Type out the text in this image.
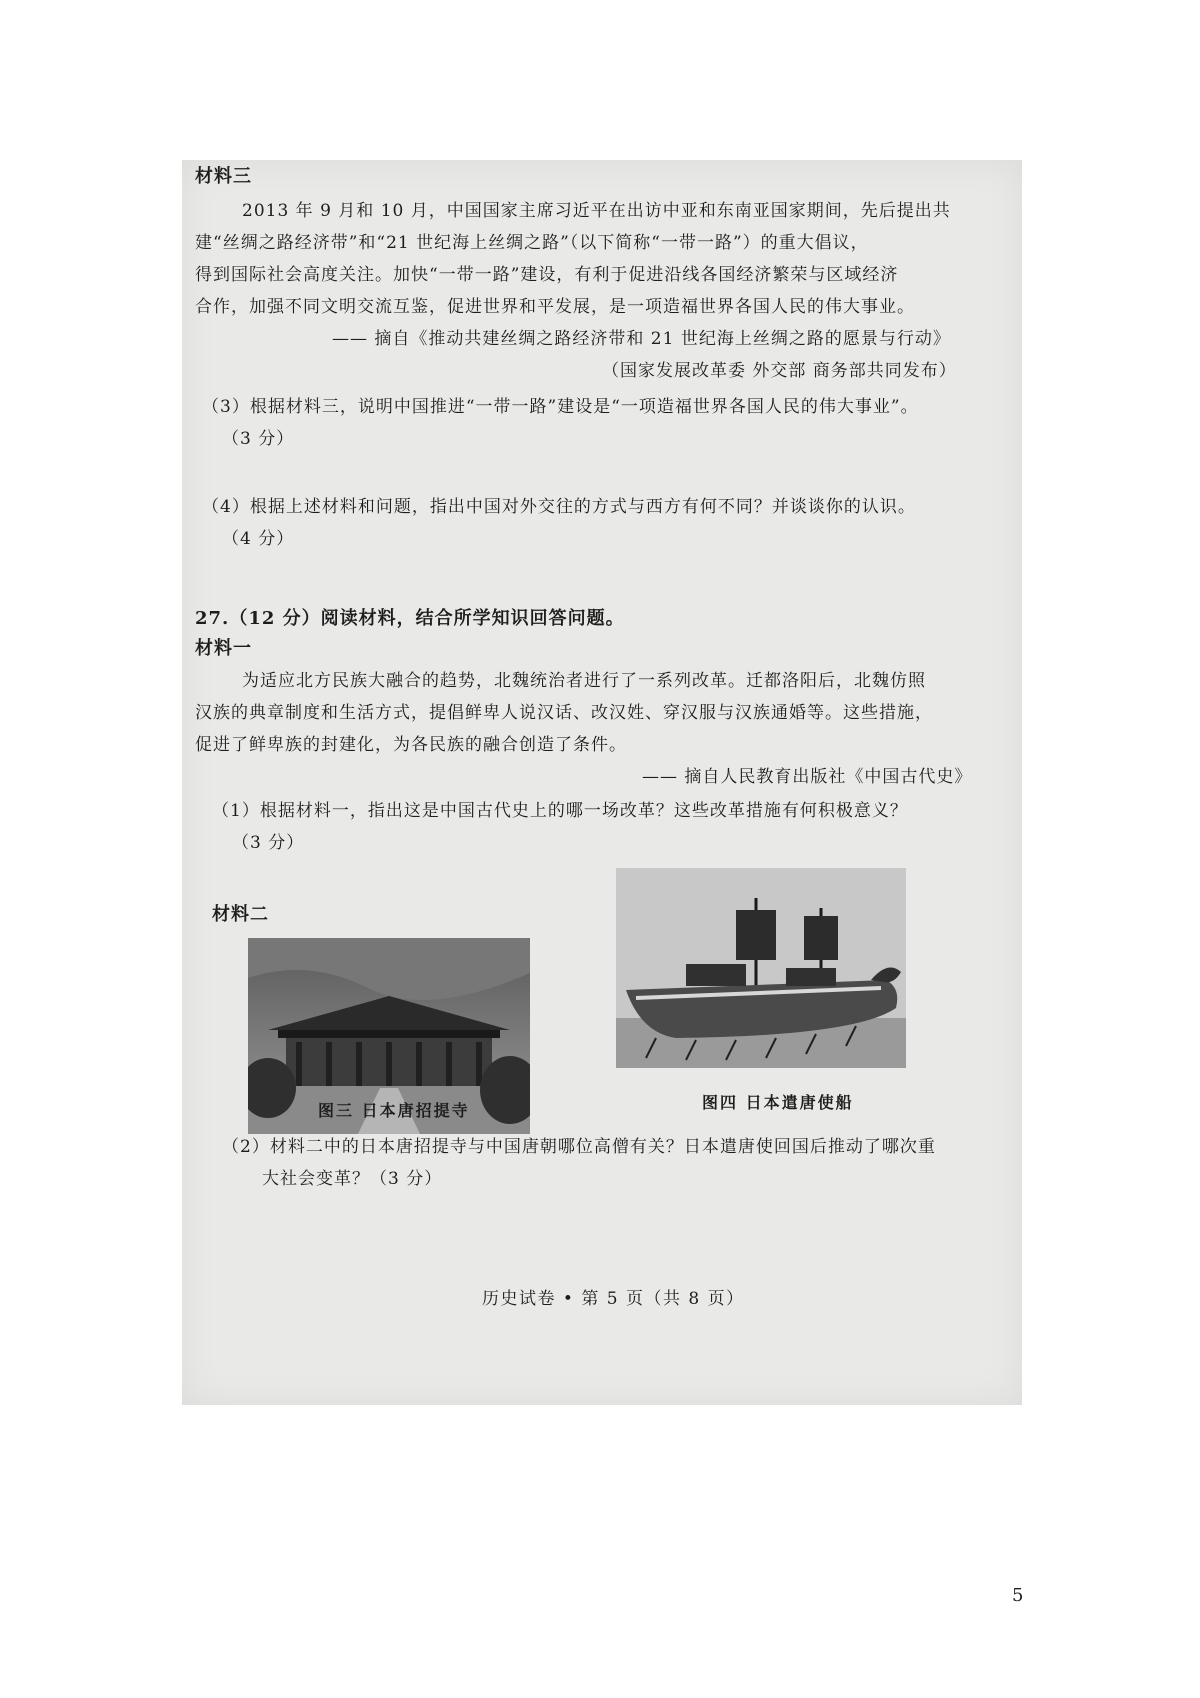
材料三
2013 年 9 月和 10 月，中国国家主席习近平在出访中亚和东南亚国家期间，先后提出共
建“丝绸之路经济带”和“21 世纪海上丝绸之路”（以下简称“一带一路”）的重大倡议，
得到国际社会高度关注。加快“一带一路”建设，有利于促进沿线各国经济繁荣与区域经济
合作，加强不同文明交流互鉴，促进世界和平发展，是一项造福世界各国人民的伟大事业。
—— 摘自《推动共建丝绸之路经济带和 21 世纪海上丝绸之路的愿景与行动》
（国家发展改革委 外交部 商务部共同发布）
（3）根据材料三，说明中国推进“一带一路”建设是“一项造福世界各国人民的伟大事业”。
（3 分）
（4）根据上述材料和问题，指出中国对外交往的方式与西方有何不同？并谈谈你的认识。
（4 分）
27.（12 分）阅读材料，结合所学知识回答问题。
材料一
为适应北方民族大融合的趋势，北魏统治者进行了一系列改革。迁都洛阳后，北魏仿照
汉族的典章制度和生活方式，提倡鲜卑人说汉话、改汉姓、穿汉服与汉族通婚等。这些措施，
促进了鲜卑族的封建化，为各民族的融合创造了条件。
—— 摘自人民教育出版社《中国古代史》
（1）根据材料一，指出这是中国古代史上的哪一场改革？这些改革措施有何积极意义？
（3 分）
材料二
图三 日本唐招提寺	图四 日本遣唐使船
（2）材料二中的日本唐招提寺与中国唐朝哪位高僧有关？日本遣唐使回国后推动了哪次重
大社会变革？（3 分）
历史试卷 • 第 5 页（共 8 页）
5
